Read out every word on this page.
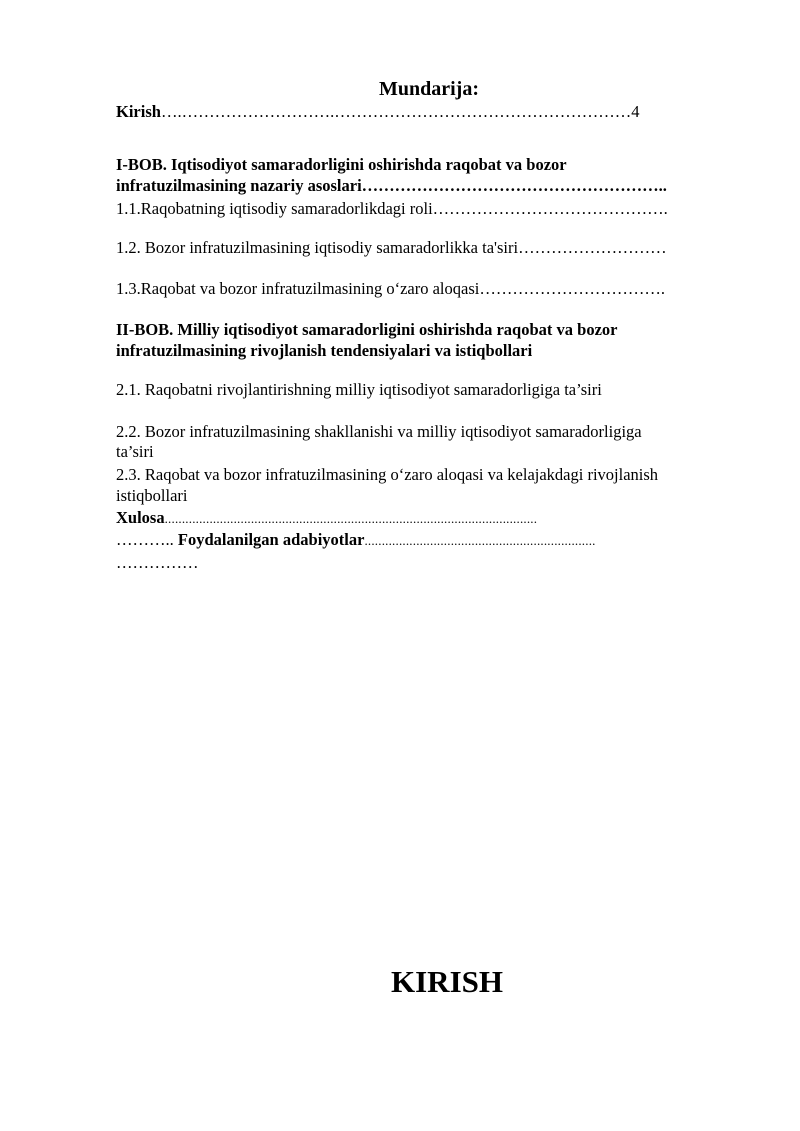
Mundarija:
Kirish….……………………….………………………………………………4
I-BOB. Iqtisodiyot samaradorligini oshirishda raqobat va bozor
infratuzilmasining nazariy asoslari………………………………………………..
1.1.Raqobatning iqtisodiy samaradorlikdagi roli…………………………………….
1.2. Bozor infratuzilmasining iqtisodiy samaradorlikka ta'siri………………………
1.3.Raqobat va bozor infratuzilmasining o‘zaro aloqasi…………………………….
II-BOB. Milliy iqtisodiyot samaradorligini oshirishda raqobat va bozor
infratuzilmasining rivojlanish tendensiyalari va istiqbollari
2.1. Raqobatni rivojlantirishning milliy iqtisodiyot samaradorligiga ta’siri
2.2. Bozor infratuzilmasining shakllanishi va milliy iqtisodiyot samaradorligiga
ta’siri
2.3. Raqobat va bozor infratuzilmasining o‘zaro aloqasi va kelajakdagi rivojlanish
istiqbollari
Xulosa............................................................................................................
……….. Foydalanilgan adabiyotlar...................................................................
……………
KIRISH
